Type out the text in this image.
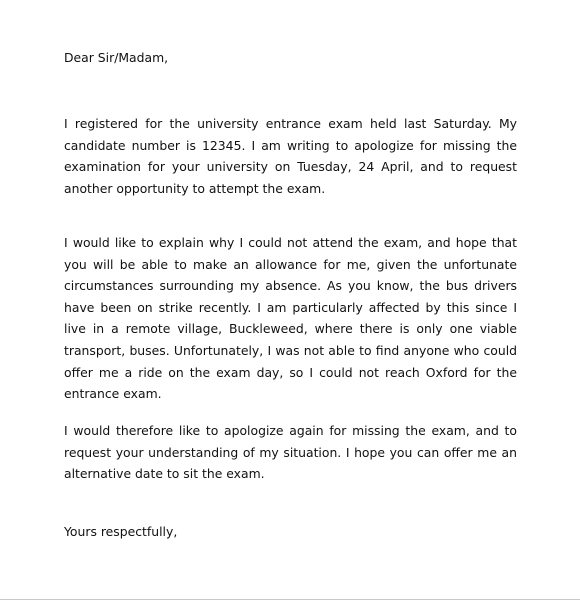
Dear Sir/Madam,

I registered for the university entrance exam held last Saturday. My candidate number is 12345. I am writing to apologize for missing the examination for your university on Tuesday, 24 April, and to request another opportunity to attempt the exam.

I would like to explain why I could not attend the exam, and hope that you will be able to make an allowance for me, given the unfortunate circumstances surrounding my absence. As you know, the bus drivers have been on strike recently. I am particularly affected by this since I live in a remote village, Buckleweed, where there is only one viable transport, buses. Unfortunately, I was not able to find anyone who could offer me a ride on the exam day, so I could not reach Oxford for the entrance exam.

I would therefore like to apologize again for missing the exam, and to request your understanding of my situation. I hope you can offer me an alternative date to sit the exam.

Yours respectfully,
